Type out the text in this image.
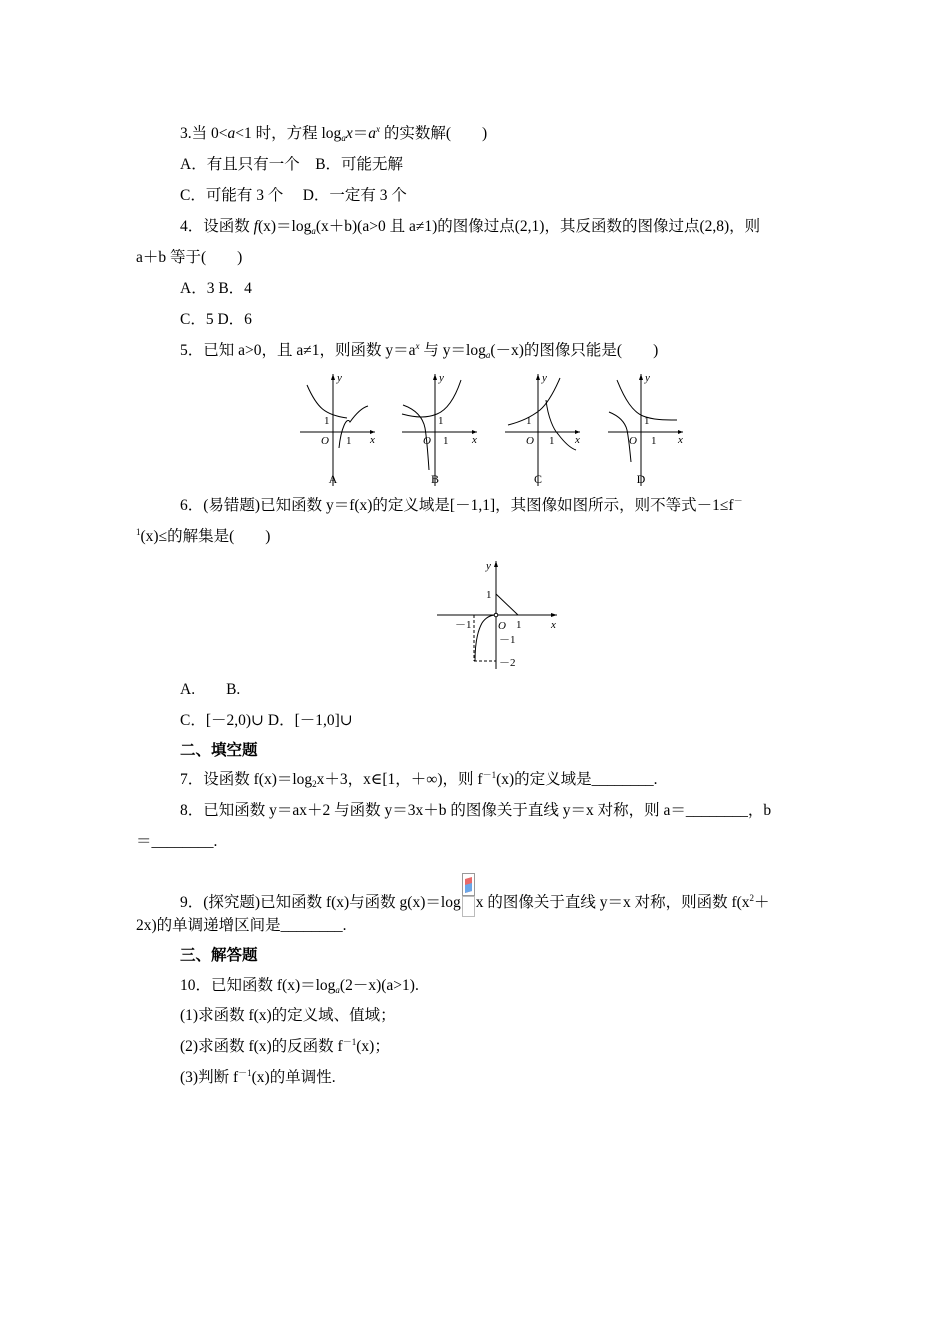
3.当 0<a<1 时，方程 $\log_ax=a^x$ 的实数解(　　)
A．有且只有一个　B．可能无解
C．可能有 3 个　 D．一定有 3 个
4．设函数 $f(x)=\log_a(x+b)(a>0$ 且 a≠1)的图像过点(2,1)，其反函数的图像过点(2,8)，则
a＋b 等于(　　)
A．3 B．4
C．5 D．6
5．已知 a>0，且 a≠1，则函数 $y=a^x$ 与 $y=\log_a(-x)$的图像只能是(　　)
y
x
O
1
1
A
y
x
O
1
1
B
y
x
O
1
1
C
y
x
O
1
1
D
6．(易错题)已知函数 y＝f(x)的定义域是[－1,1]，其图像如图所示，则不等式－1≤f－
$^1$(x)≤的解集是(　　)
y
x
1
－1 O 1
－1
－2
A.　　B.
C．[－2,0)∪ D．[－1,0]∪
二、填空题
7．设函数 $f(x)=\log_2x+3$，x∈[1，＋∞)，则 $f^{-1}(x)$的定义域是________.
8．已知函数 y＝ax＋2 与函数 y＝3x＋b 的图像关于直线 y＝x 对称，则 a＝________，b
＝________.
9．(探究题)已知函数 f(x)与函数 g(x)＝log x 的图像关于直线 y＝x 对称，则函数 $f(x^2+$
2x)的单调递增区间是________.
三、解答题
10．已知函数 $f(x)=\log_a(2-x)(a>1)$.
(1)求函数 f(x)的定义域、值域；
(2)求函数 f(x)的反函数 $f^{-1}(x)$；
(3)判断 $f^{-1}(x)$的单调性.
